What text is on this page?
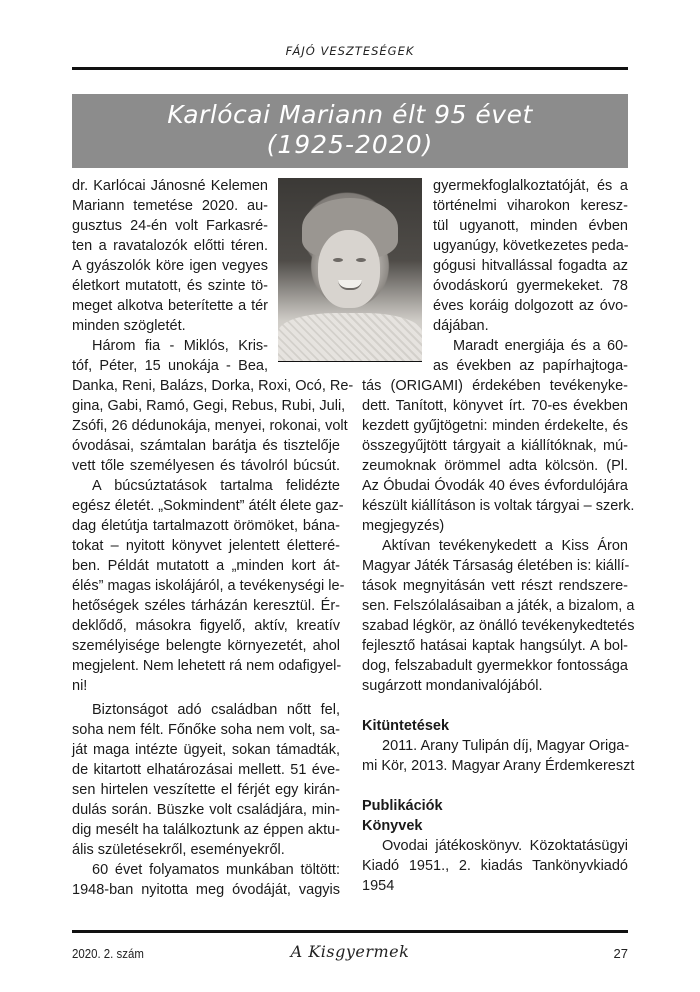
FÁJÓ VESZTESÉGEK
Karlócai Mariann élt 95 évet
(1925-2020)
dr. Karlócai Jánosné Kelemen
Mariann temetése 2020. au-
gusztus 24-én volt Farkasré-
ten a ravatalozók előtti téren.
A gyászolók köre igen vegyes
életkort mutatott, és szinte tö-
meget alkotva beterítette a tér
minden szögletét.
Három fia - Miklós, Kris-
tóf, Péter, 15 unokája - Bea,
Danka, Reni, Balázs, Dorka, Roxi, Ocó, Re-
gina, Gabi, Ramó, Gegi, Rebus, Rubi, Juli,
Zsófi, 26 dédunokája, menyei, rokonai, volt
óvodásai, számtalan barátja és tisztelője
vett tőle személyesen és távolról búcsút.
A búcsúztatások tartalma felidézte
egész életét. „Sokmindent” átélt élete gaz-
dag életútja tartalmazott örömöket, bána-
tokat – nyitott könyvet jelentett életteré-
ben. Példát mutatott a „minden kort át-
élés” magas iskolájáról, a tevékenységi le-
hetőségek széles tárházán keresztül. Ér-
deklődő, másokra figyelő, aktív, kreatív
személyisége belengte környezetét, ahol
megjelent. Nem lehetett rá nem odafigyel-
ni!
Biztonságot adó családban nőtt fel,
soha nem félt. Főnőke soha nem volt, sa-
ját maga intézte ügyeit, sokan támadták,
de kitartott elhatározásai mellett. 51 éve-
sen hirtelen veszítette el férjét egy kirán-
dulás során. Büszke volt családjára, min-
dig mesélt ha találkoztunk az éppen aktu-
ális születésekről, eseményekről.
60 évet folyamatos munkában töltött:
1948-ban nyitotta meg óvodáját, vagyis
gyermekfoglalkoztatóját, és a
történelmi viharokon keresz-
tül ugyanott, minden évben
ugyanúgy, következetes peda-
gógusi hitvallással fogadta az
óvodáskorú gyermekeket. 78
éves koráig dolgozott az óvo-
dájában.
Maradt energiája és a 60-
as években az papírhajtoga-
tás (ORIGAMI) érdekében tevékenyke-
dett. Tanított, könyvet írt. 70-es években
kezdett gyűjtögetni: minden érdekelte, és
összegyűjtött tárgyait a kiállítóknak, mú-
zeumoknak örömmel adta kölcsön. (Pl.
Az Óbudai Óvodák 40 éves évfordulójára
készült kiállításon is voltak tárgyai – szerk.
megjegyzés)
Aktívan tevékenykedett a Kiss Áron
Magyar Játék Társaság életében is: kiállí-
tások megnyitásán vett részt rendszere-
sen. Felszólalásaiban a játék, a bizalom, a
szabad légkör, az önálló tevékenykedtetés
fejlesztő hatásai kaptak hangsúlyt. A bol-
dog, felszabadult gyermekkor fontossága
sugárzott mondanivalójából.
Kitüntetések
2011. Arany Tulipán díj, Magyar Origa-
mi Kör, 2013. Magyar Arany Érdemkereszt
Publikációk
Könyvek
Ovodai játékoskönyv. Közoktatásügyi
Kiadó 1951., 2. kiadás Tankönyvkiadó
1954
2020. 2. szám	A Kisgyermek	27
